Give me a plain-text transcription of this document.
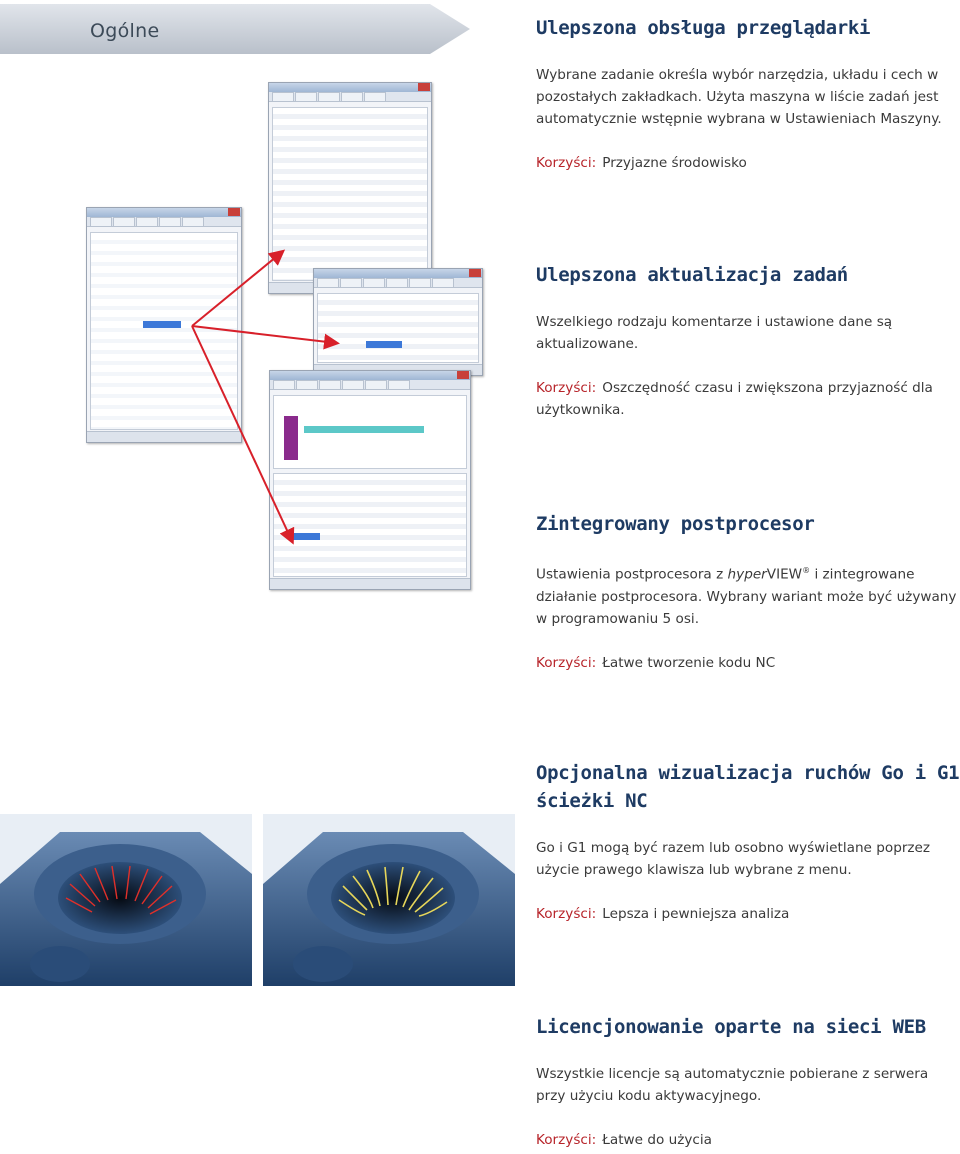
Ogólne	Ulepszona obsługa przeglądarki

Wybrane zadanie określa wybór narzędzia, układu i cech w pozostałych zakładkach. Użyta maszyna w liście zadań jest automatycznie wstępnie wybrana w Ustawieniach Maszyny.

Korzyści: Przyjazne środowisko
Ulepszona aktualizacja zadań

Wszelkiego rodzaju komentarze i ustawione dane są aktualizowane.

Korzyści: Oszczędność czasu i zwiększona przyjazność dla użytkownika.
Zintegrowany postprocesor

Ustawienia postprocesora z hyperVIEW® i zintegrowane działanie postprocesora. Wybrany wariant może być używany w programowaniu 5 osi.

Korzyści: Łatwe tworzenie kodu NC
Opcjonalna wizualizacja ruchów Go i G1 ścieżki NC

Go i G1 mogą być razem lub osobno wyświetlane poprzez użycie prawego klawisza lub wybrane z menu.

Korzyści: Lepsza i pewniejsza analiza
Licencjonowanie oparte na sieci WEB

Wszystkie licencje są automatycznie pobierane z serwera przy użyciu kodu aktywacyjnego.

Korzyści: Łatwe do użycia
